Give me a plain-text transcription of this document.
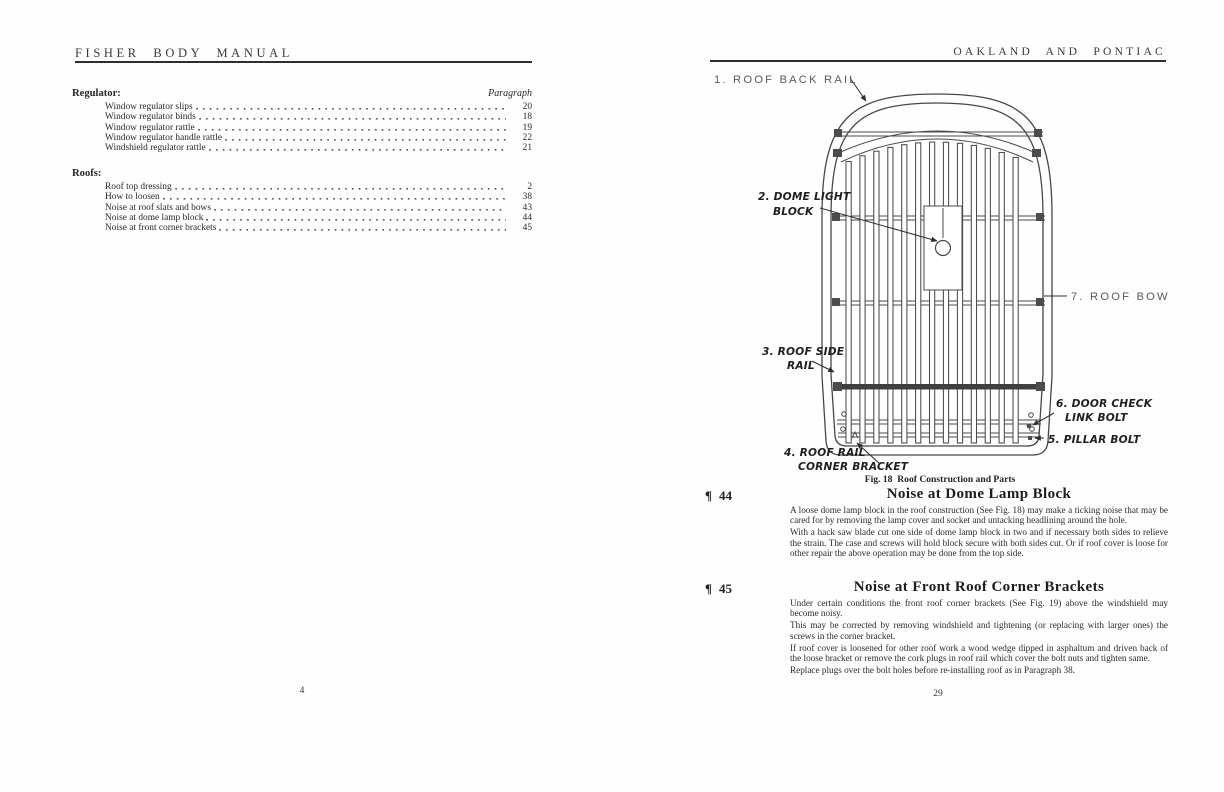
FISHER BODY MANUAL
Regulator:	Paragraph
Window regulator slips	20
Window regulator binds	18
Window regulator rattle	19
Window regulator handle rattle	22
Windshield regulator rattle	21
Roofs:
Roof top dressing	2
How to loosen	38
Noise at roof slats and bows	43
Noise at dome lamp block	44
Noise at front corner brackets	45
4
OAKLAND AND PONTIAC
1. ROOF BACK RAIL
2. DOME LIGHT
BLOCK
3. ROOF SIDE
RAIL
4. ROOF RAIL
CORNER BRACKET
5. PILLAR BOLT
6. DOOR CHECK
LINK BOLT
7. ROOF BOW
Fig. 18  Roof Construction and Parts
¶ 44	Noise at Dome Lamp Block

A loose dome lamp block in the roof construction (See Fig. 18) may make a ticking noise that may be cared for by removing the lamp cover and socket and untacking headlining around the hole.

With a hack saw blade cut one side of dome lamp block in two and if necessary both sides to relieve the strain. The case and screws will hold block secure with both sides cut. Or if roof cover is loose for other repair the above operation may be done from the top side.

¶ 45	Noise at Front Roof Corner Brackets

Under certain conditions the front roof corner brackets (See Fig. 19) above the windshield may become noisy.

This may be corrected by removing windshield and tightening (or replacing with larger ones) the screws in the corner bracket.

If roof cover is loosened for other roof work a wood wedge dipped in asphaltum and driven back of the loose bracket or remove the cork plugs in roof rail which cover the bolt nuts and tighten same.

Replace plugs over the bolt holes before re-installing roof as in Paragraph 38.

29
